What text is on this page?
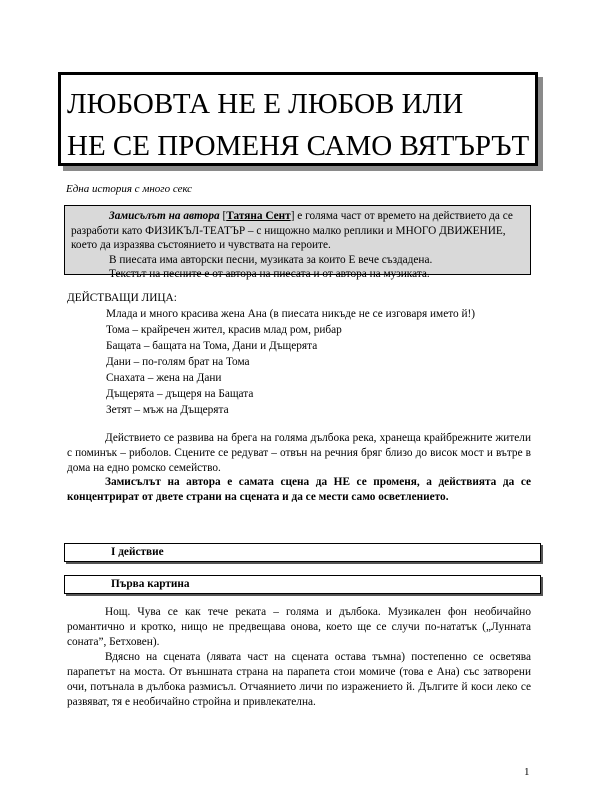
ЛЮБОВТА НЕ Е ЛЮБОВ ИЛИ
НЕ СЕ ПРОМЕНЯ САМО ВЯТЪРЪТ
Една история с много секс

Замисълът на автора [Татяна Сент] е голяма част от времето на действието да се разработи като ФИЗИКЪЛ-ТЕАТЪР – с нищожно малко реплики и МНОГО ДВИЖЕНИЕ, което да изразява състоянието и чувствата на героите.

В пиесата има авторски песни, музиката за които Е вече създадена.

Текстът на песните е от автора на пиесата и от автора на музиката.

ДЕЙСТВАЩИ ЛИЦА:
Млада и много красива жена Ана (в пиесата никъде не се изговаря името й!)
Тома – крайречен жител, красив млад ром, рибар
Бащата – бащата на Тома, Дани и Дъщерята
Дани – по-голям брат на Тома
Снахата – жена на Дани
Дъщерята – дъщеря на Бащата
Зетят – мъж на Дъщерята

Действието се развива на брега на голяма дълбока река, хранеща крайбрежните жители с поминък – риболов. Сцените се редуват – отвън на речния бряг близо до висок мост и вътре в дома на едно ромско семейство.

Замисълът на автора е самата сцена да НЕ се променя, а действията да се концентрират от двете страни на сцената и да се мести само осветлението.

I действие
Първа картина

Нощ. Чува се как тече реката – голяма и дълбока. Музикален фон необичайно романтично и кротко, нищо не предвещава онова, което ще се случи по-нататък („Лунната соната”, Бетховен).

Вдясно на сцената (лявата част на сцената остава тъмна) постепенно се осветява парапетът на моста. От външната страна на парапета стои момиче (това е Ана) със затворени очи, потънала в дълбока размисъл. Отчаянието личи по изражението й. Дългите й коси леко се развяват, тя е необичайно стройна и привлекателна.

1
